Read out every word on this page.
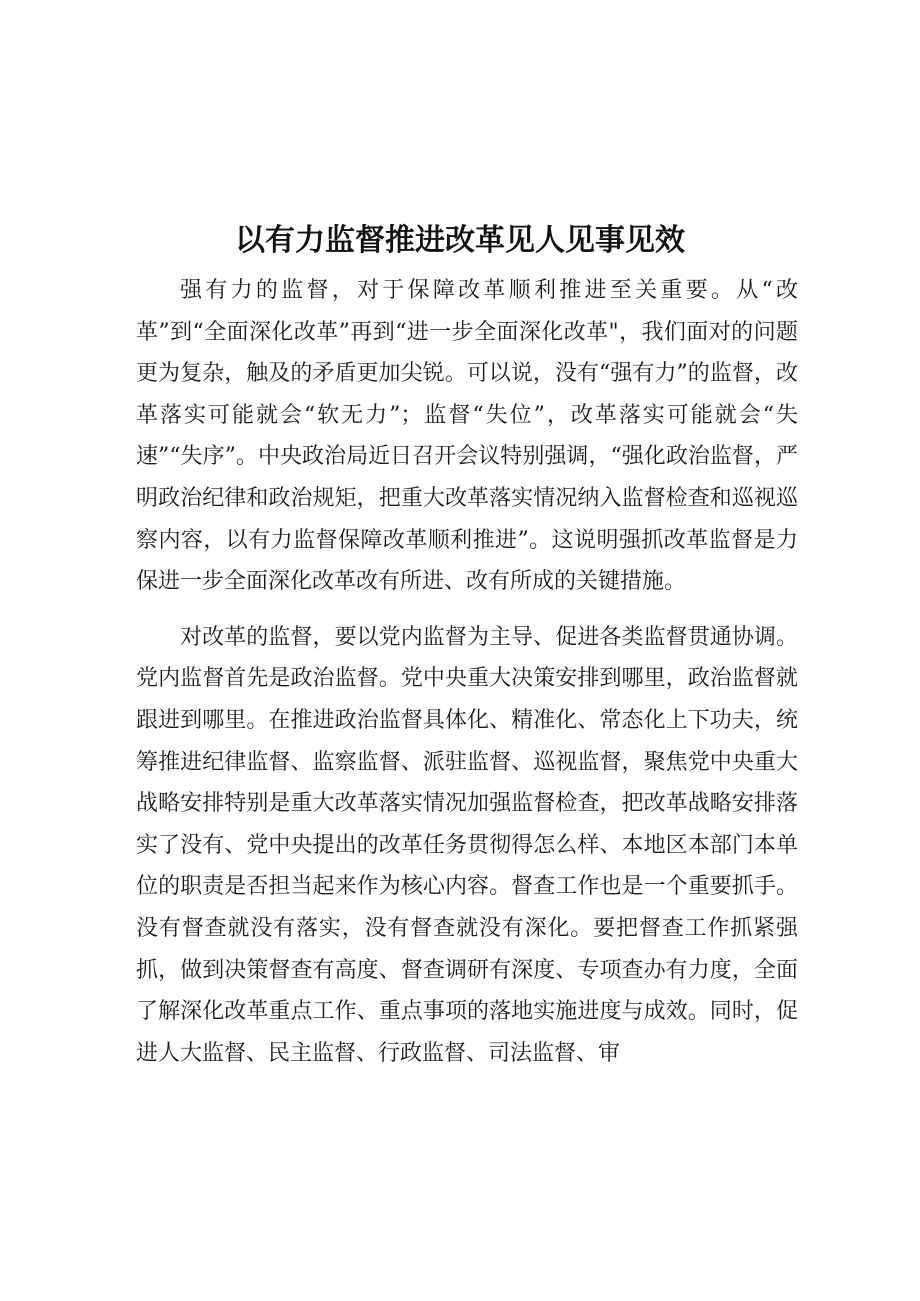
以有力监督推进改革见人见事见效

强有力的监督，对于保障改革顺利推进至关重要。从“改革”到“全面深化改革”再到“进一步全面深化改革"，我们面对的问题更为复杂，触及的矛盾更加尖锐。可以说，没有“强有力”的监督，改革落实可能就会“软无力”；监督“失位”，改革落实可能就会“失速”“失序”。中央政治局近日召开会议特别强调，“强化政治监督，严明政治纪律和政治规矩，把重大改革落实情况纳入监督检查和巡视巡察内容，以有力监督保障改革顺利推进”。这说明强抓改革监督是力保进一步全面深化改革改有所进、改有所成的关键措施。

对改革的监督，要以党内监督为主导、促进各类监督贯通协调。党内监督首先是政治监督。党中央重大决策安排到哪里，政治监督就跟进到哪里。在推进政治监督具体化、精准化、常态化上下功夫，统筹推进纪律监督、监察监督、派驻监督、巡视监督，聚焦党中央重大战略安排特别是重大改革落实情况加强监督检查，把改革战略安排落实了没有、党中央提出的改革任务贯彻得怎么样、本地区本部门本单位的职责是否担当起来作为核心内容。督查工作也是一个重要抓手。没有督查就没有落实，没有督查就没有深化。要把督查工作抓紧强抓，做到决策督查有高度、督查调研有深度、专项查办有力度，全面了解深化改革重点工作、重点事项的落地实施进度与成效。同时，促进人大监督、民主监督、行政监督、司法监督、审
